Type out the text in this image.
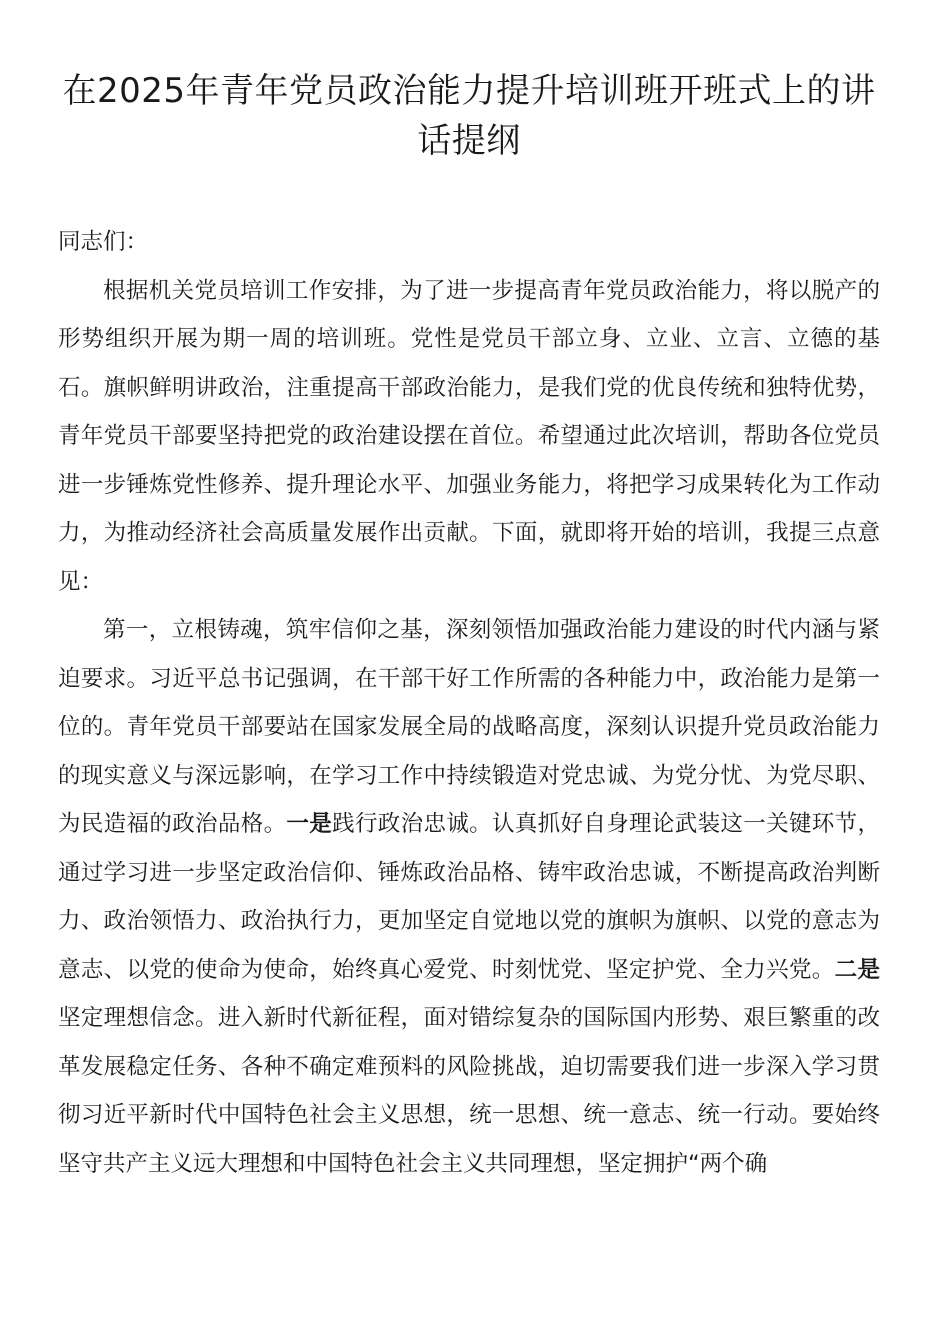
在2025年青年党员政治能力提升培训班开班式上的讲话提纲

同志们：

根据机关党员培训工作安排，为了进一步提高青年党员政治能力，将以脱产的形势组织开展为期一周的培训班。党性是党员干部立身、立业、立言、立德的基石。旗帜鲜明讲政治，注重提高干部政治能力，是我们党的优良传统和独特优势，青年党员干部要坚持把党的政治建设摆在首位。希望通过此次培训，帮助各位党员进一步锤炼党性修养、提升理论水平、加强业务能力，将把学习成果转化为工作动力，为推动经济社会高质量发展作出贡献。下面，就即将开始的培训，我提三点意见：

第一，立根铸魂，筑牢信仰之基，深刻领悟加强政治能力建设的时代内涵与紧迫要求。习近平总书记强调，在干部干好工作所需的各种能力中，政治能力是第一位的。青年党员干部要站在国家发展全局的战略高度，深刻认识提升党员政治能力的现实意义与深远影响，在学习工作中持续锻造对党忠诚、为党分忧、为党尽职、为民造福的政治品格。一是践行政治忠诚。认真抓好自身理论武装这一关键环节，通过学习进一步坚定政治信仰、锤炼政治品格、铸牢政治忠诚，不断提高政治判断力、政治领悟力、政治执行力，更加坚定自觉地以党的旗帜为旗帜、以党的意志为意志、以党的使命为使命，始终真心爱党、时刻忧党、坚定护党、全力兴党。二是坚定理想信念。进入新时代新征程，面对错综复杂的国际国内形势、艰巨繁重的改革发展稳定任务、各种不确定难预料的风险挑战，迫切需要我们进一步深入学习贯彻习近平新时代中国特色社会主义思想，统一思想、统一意志、统一行动。要始终坚守共产主义远大理想和中国特色社会主义共同理想，坚定拥护“两个确
